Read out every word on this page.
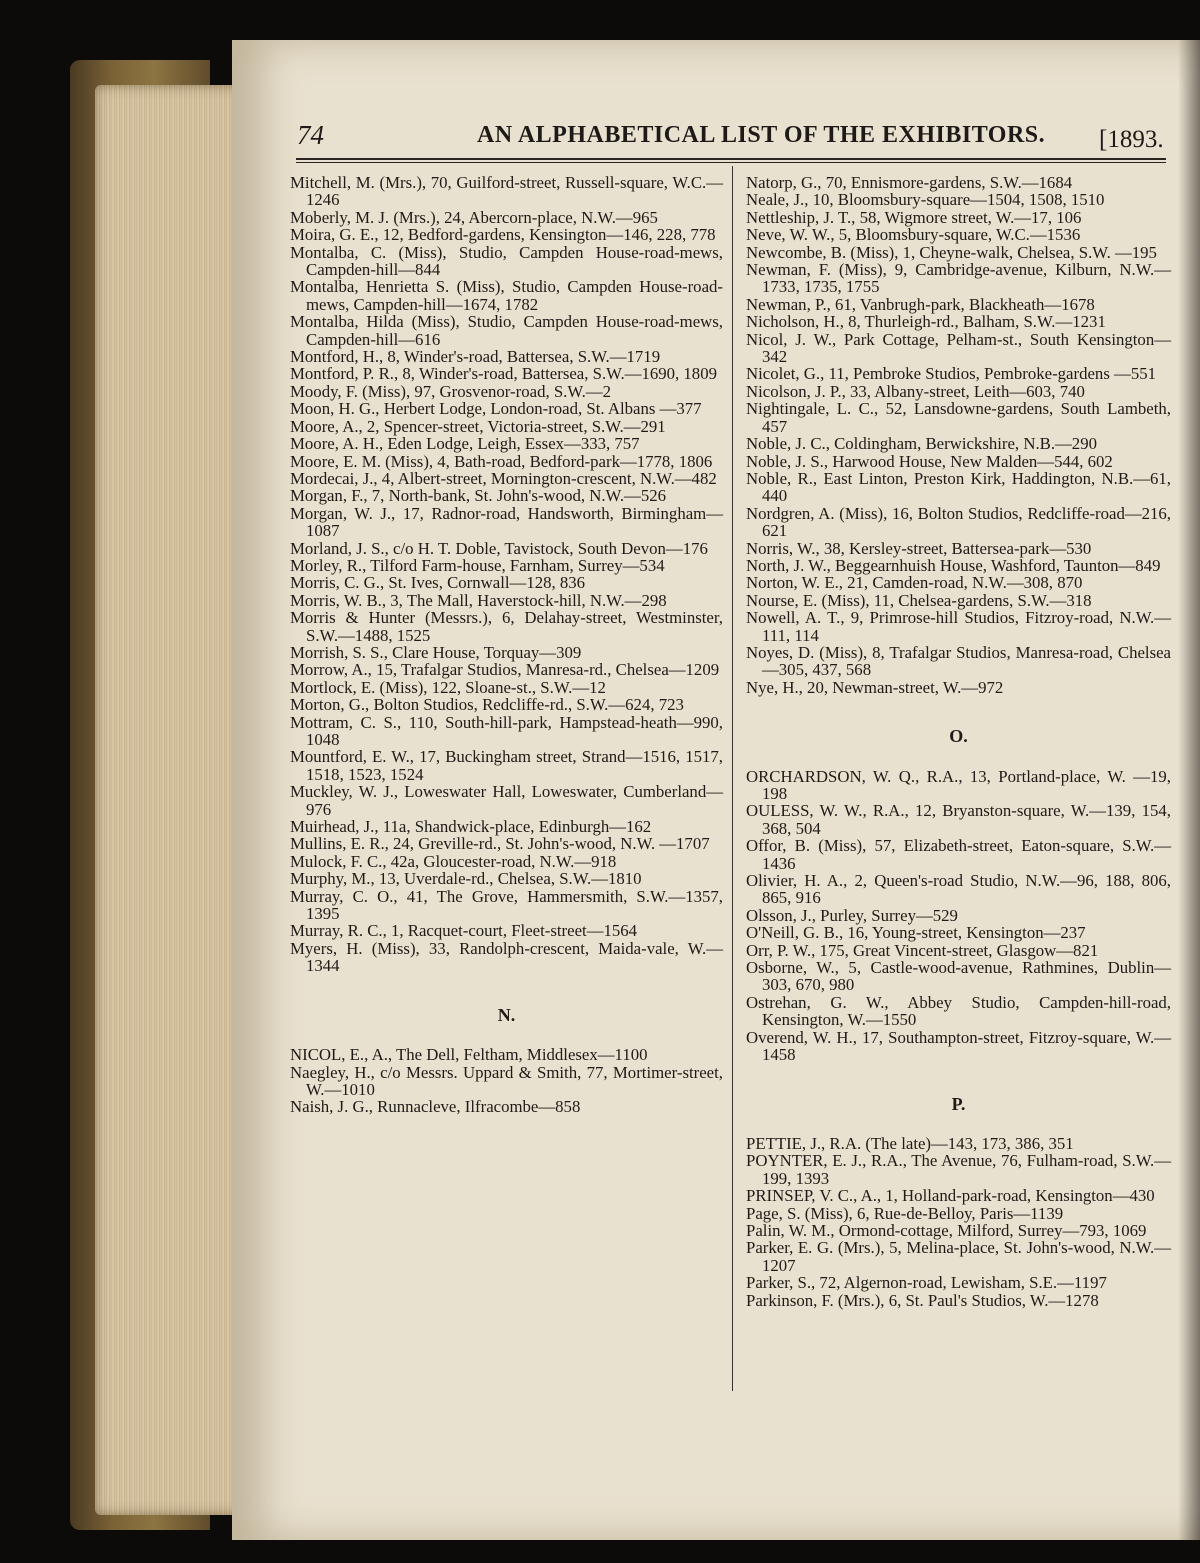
74	AN ALPHABETICAL LIST OF THE EXHIBITORS. [1893.

Mitchell, M. (Mrs.), 70, Guilford-street, Russell-square, W.C.—1246

Moberly, M. J. (Mrs.), 24, Abercorn-place, N.W.—965

Moira, G. E., 12, Bedford-gardens, Kensington—146, 228, 778

Montalba, C. (Miss), Studio, Campden House-road-mews, Campden-hill—844

Montalba, Henrietta S. (Miss), Studio, Campden House-road-mews, Campden-hill—1674, 1782

Montalba, Hilda (Miss), Studio, Campden House-road-mews, Campden-hill—616

Montford, H., 8, Winder's-road, Battersea, S.W.—1719

Montford, P. R., 8, Winder's-road, Battersea, S.W.—1690, 1809

Moody, F. (Miss), 97, Grosvenor-road, S.W.—2

Moon, H. G., Herbert Lodge, London-road, St. Albans —377

Moore, A., 2, Spencer-street, Victoria-street, S.W.—291

Moore, A. H., Eden Lodge, Leigh, Essex—333, 757

Moore, E. M. (Miss), 4, Bath-road, Bedford-park—1778, 1806

Mordecai, J., 4, Albert-street, Mornington-crescent, N.W.—482

Morgan, F., 7, North-bank, St. John's-wood, N.W.—526

Morgan, W. J., 17, Radnor-road, Handsworth, Birmingham—1087

Morland, J. S., c/o H. T. Doble, Tavistock, South Devon—176

Morley, R., Tilford Farm-house, Farnham, Surrey—534

Morris, C. G., St. Ives, Cornwall—128, 836

Morris, W. B., 3, The Mall, Haverstock-hill, N.W.—298

Morris & Hunter (Messrs.), 6, Delahay-street, Westminster, S.W.—1488, 1525

Morrish, S. S., Clare House, Torquay—309

Morrow, A., 15, Trafalgar Studios, Manresa-rd., Chelsea—1209

Mortlock, E. (Miss), 122, Sloane-st., S.W.—12

Morton, G., Bolton Studios, Redcliffe-rd., S.W.—624, 723

Mottram, C. S., 110, South-hill-park, Hampstead-heath—990, 1048

Mountford, E. W., 17, Buckingham street, Strand—1516, 1517, 1518, 1523, 1524

Muckley, W. J., Loweswater Hall, Loweswater, Cumberland—976

Muirhead, J., 11a, Shandwick-place, Edinburgh—162

Mullins, E. R., 24, Greville-rd., St. John's-wood, N.W. —1707

Mulock, F. C., 42a, Gloucester-road, N.W.—918

Murphy, M., 13, Uverdale-rd., Chelsea, S.W.—1810

Murray, C. O., 41, The Grove, Hammersmith, S.W.—1357, 1395

Murray, R. C., 1, Racquet-court, Fleet-street—1564

Myers, H. (Miss), 33, Randolph-crescent, Maida-vale, W.—1344

N.

NICOL, E., A., The Dell, Feltham, Middlesex—1100

Naegley, H., c/o Messrs. Uppard & Smith, 77, Mortimer-street, W.—1010

Naish, J. G., Runnacleve, Ilfracombe—858

Natorp, G., 70, Ennismore-gardens, S.W.—1684

Neale, J., 10, Bloomsbury-square—1504, 1508, 1510

Nettleship, J. T., 58, Wigmore street, W.—17, 106

Neve, W. W., 5, Bloomsbury-square, W.C.—1536

Newcombe, B. (Miss), 1, Cheyne-walk, Chelsea, S.W. —195

Newman, F. (Miss), 9, Cambridge-avenue, Kilburn, N.W.—1733, 1735, 1755

Newman, P., 61, Vanbrugh-park, Blackheath—1678

Nicholson, H., 8, Thurleigh-rd., Balham, S.W.—1231

Nicol, J. W., Park Cottage, Pelham-st., South Kensington—342

Nicolet, G., 11, Pembroke Studios, Pembroke-gardens —551

Nicolson, J. P., 33, Albany-street, Leith—603, 740

Nightingale, L. C., 52, Lansdowne-gardens, South Lambeth, 457

Noble, J. C., Coldingham, Berwickshire, N.B.—290

Noble, J. S., Harwood House, New Malden—544, 602

Noble, R., East Linton, Preston Kirk, Haddington, N.B.—61, 440

Nordgren, A. (Miss), 16, Bolton Studios, Redcliffe-road—216, 621

Norris, W., 38, Kersley-street, Battersea-park—530

North, J. W., Beggearnhuish House, Washford, Taunton—849

Norton, W. E., 21, Camden-road, N.W.—308, 870

Nourse, E. (Miss), 11, Chelsea-gardens, S.W.—318

Nowell, A. T., 9, Primrose-hill Studios, Fitzroy-road, N.W.—111, 114

Noyes, D. (Miss), 8, Trafalgar Studios, Manresa-road, Chelsea—305, 437, 568

Nye, H., 20, Newman-street, W.—972

O.

ORCHARDSON, W. Q., R.A., 13, Portland-place, W. —19, 198

OULESS, W. W., R.A., 12, Bryanston-square, W.—139, 154, 368, 504

Offor, B. (Miss), 57, Elizabeth-street, Eaton-square, S.W.—1436

Olivier, H. A., 2, Queen's-road Studio, N.W.—96, 188, 806, 865, 916

Olsson, J., Purley, Surrey—529

O'Neill, G. B., 16, Young-street, Kensington—237

Orr, P. W., 175, Great Vincent-street, Glasgow—821

Osborne, W., 5, Castle-wood-avenue, Rathmines, Dublin—303, 670, 980

Ostrehan, G. W., Abbey Studio, Campden-hill-road, Kensington, W.—1550

Overend, W. H., 17, Southampton-street, Fitzroy-square, W.—1458

P.

PETTIE, J., R.A. (The late)—143, 173, 386, 351

POYNTER, E. J., R.A., The Avenue, 76, Fulham-road, S.W.—199, 1393

PRINSEP, V. C., A., 1, Holland-park-road, Kensington—430

Page, S. (Miss), 6, Rue-de-Belloy, Paris—1139

Palin, W. M., Ormond-cottage, Milford, Surrey—793, 1069

Parker, E. G. (Mrs.), 5, Melina-place, St. John's-wood, N.W.—1207

Parker, S., 72, Algernon-road, Lewisham, S.E.—1197

Parkinson, F. (Mrs.), 6, St. Paul's Studios, W.—1278
